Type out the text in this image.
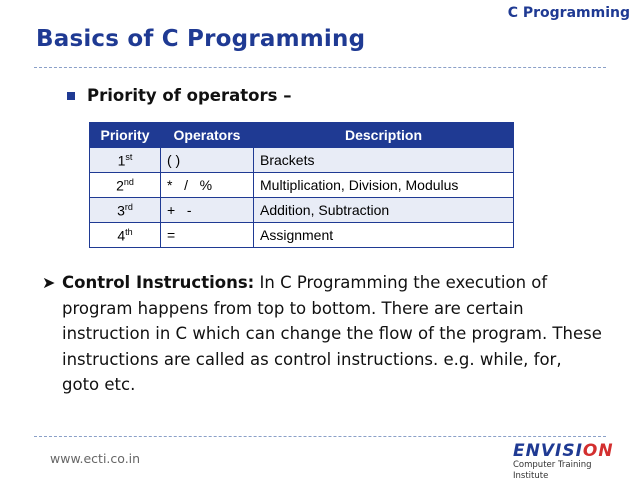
C Programming
Basics of C Programming
Priority of operators –
Priority	Operators	Description
1st	( )	Brackets
2nd	*   /   %	Multiplication, Division, Modulus
3rd	+   -	Addition, Subtraction
4th	=	Assignment
➤ Control Instructions: In C Programming the execution of program happens from top to bottom. There are certain instruction in C which can change the flow of the program. These instructions are called as control instructions. e.g. while, for, goto etc.
www.ecti.co.in	ENVISION
Computer Training Institute
